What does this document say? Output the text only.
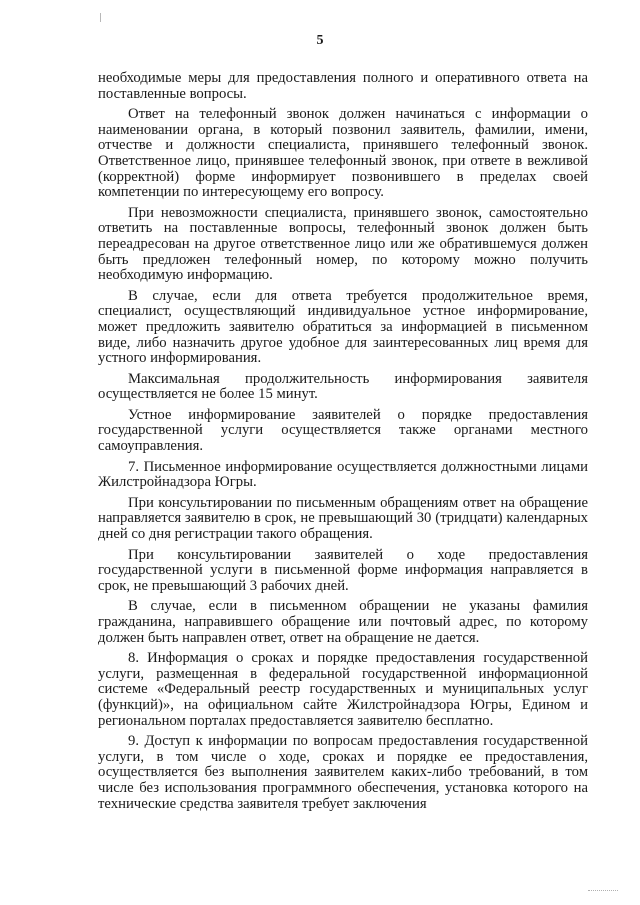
5

необходимые меры для предоставления полного и оперативного ответа на поставленные вопросы.

Ответ на телефонный звонок должен начинаться с информации о наименовании органа, в который позвонил заявитель, фамилии, имени, отчестве и должности специалиста, принявшего телефонный звонок. Ответственное лицо, принявшее телефонный звонок, при ответе в вежливой (корректной) форме информирует позвонившего в пределах своей компетенции по интересующему его вопросу.

При невозможности специалиста, принявшего звонок, самостоятельно ответить на поставленные вопросы, телефонный звонок должен быть переадресован на другое ответственное лицо или же обратившемуся должен быть предложен телефонный номер, по которому можно получить необходимую информацию.

В случае, если для ответа требуется продолжительное время, специалист, осуществляющий индивидуальное устное информирование, может предложить заявителю обратиться за информацией в письменном виде, либо назначить другое удобное для заинтересованных лиц время для устного информирования.

Максимальная продолжительность информирования заявителя осуществляется не более 15 минут.

Устное информирование заявителей о порядке предоставления государственной услуги осуществляется также органами местного самоуправления.

7. Письменное информирование осуществляется должностными лицами Жилстройнадзора Югры.

При консультировании по письменным обращениям ответ на обращение направляется заявителю в срок, не превышающий 30 (тридцати) календарных дней со дня регистрации такого обращения.

При консультировании заявителей о ходе предоставления государственной услуги в письменной форме информация направляется в срок, не превышающий 3 рабочих дней.

В случае, если в письменном обращении не указаны фамилия гражданина, направившего обращение или почтовый адрес, по которому должен быть направлен ответ, ответ на обращение не дается.

8. Информация о сроках и порядке предоставления государственной услуги, размещенная в федеральной государственной информационной системе «Федеральный реестр государственных и муниципальных услуг (функций)», на официальном сайте Жилстройнадзора Югры, Едином и региональном порталах предоставляется заявителю бесплатно.

9. Доступ к информации по вопросам предоставления государственной услуги, в том числе о ходе, сроках и порядке ее предоставления, осуществляется без выполнения заявителем каких-либо требований, в том числе без использования программного обеспечения, установка которого на технические средства заявителя требует заключения
